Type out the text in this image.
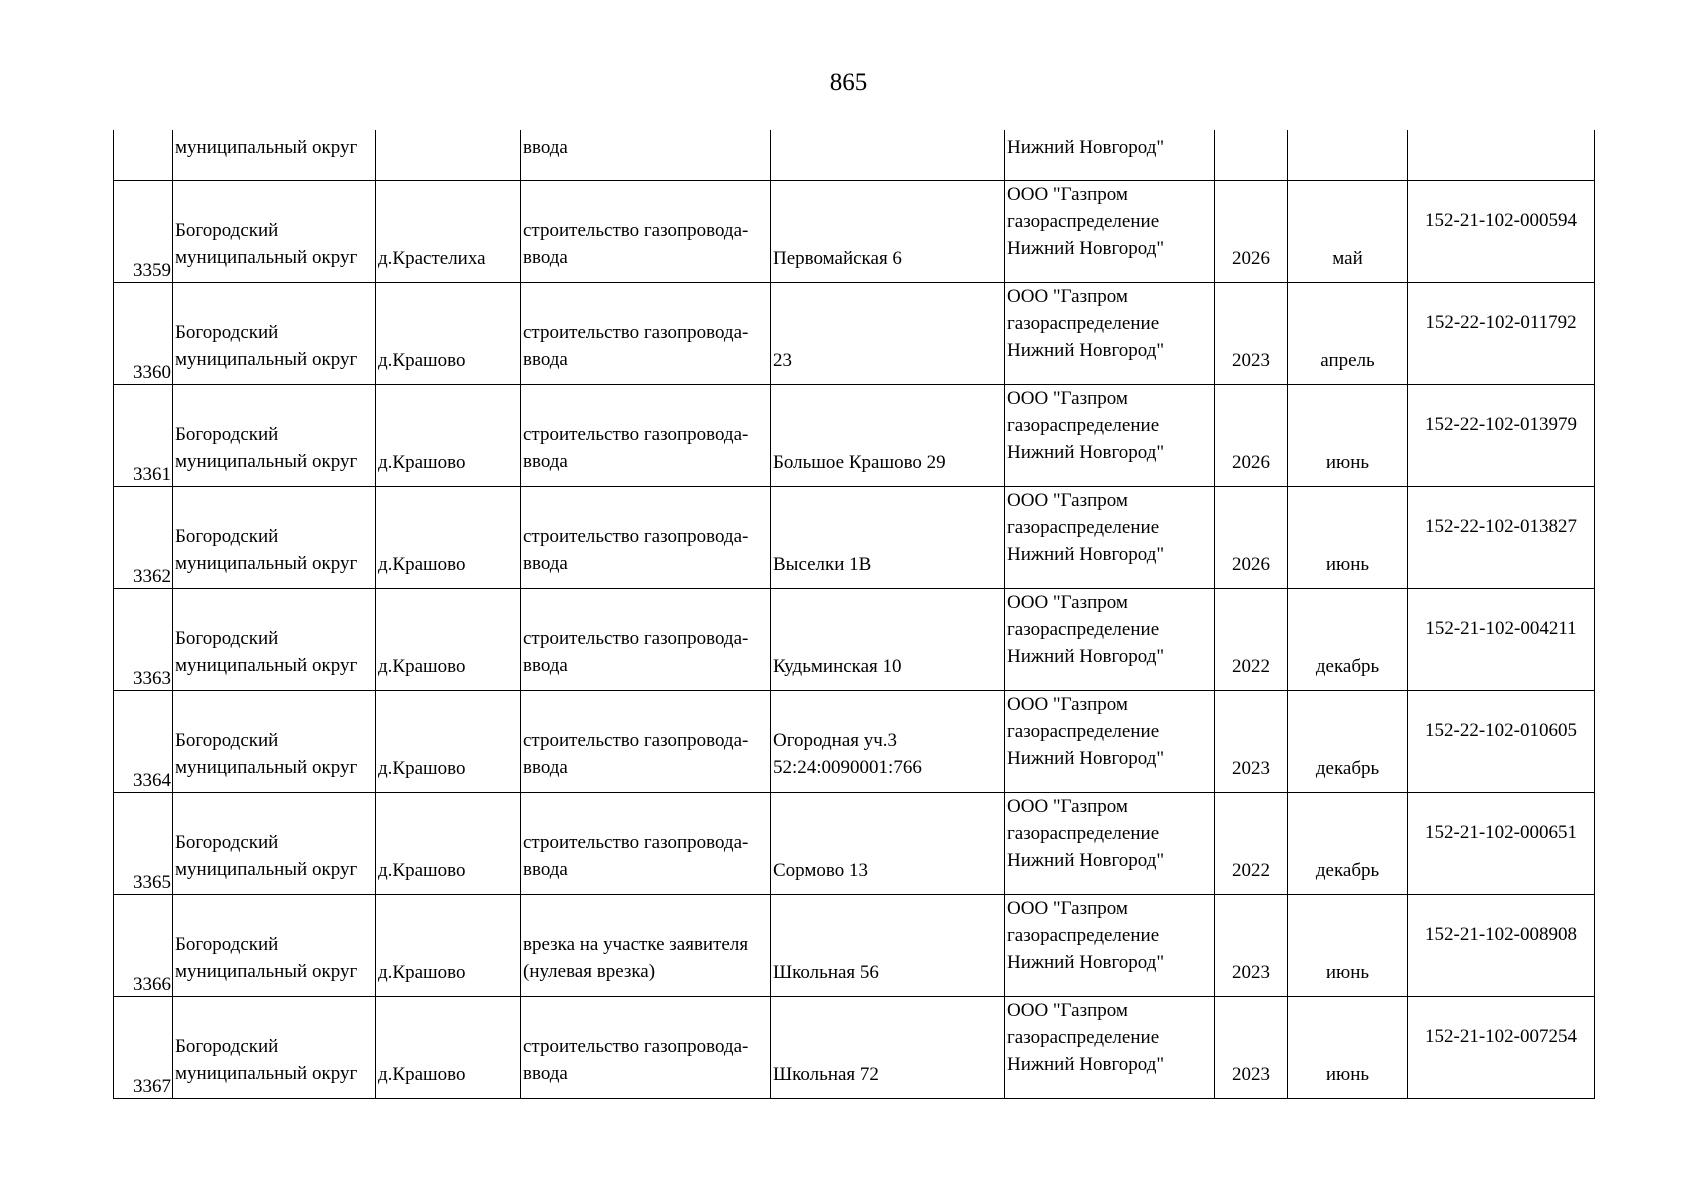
865
	муниципальный округ		ввода		Нижний Новгород"			
3359	Богородский
муниципальный округ	д.Крастелиха	строительство газопровода-
ввода	Первомайская 6	ООО "Газпром
газораспределение
Нижний Новгород"	2026	май	152-21-102-000594
3360	Богородский
муниципальный округ	д.Крашово	строительство газопровода-
ввода	23	ООО "Газпром
газораспределение
Нижний Новгород"	2023	апрель	152-22-102-011792
3361	Богородский
муниципальный округ	д.Крашово	строительство газопровода-
ввода	Большое Крашово 29	ООО "Газпром
газораспределение
Нижний Новгород"	2026	июнь	152-22-102-013979
3362	Богородский
муниципальный округ	д.Крашово	строительство газопровода-
ввода	Выселки 1В	ООО "Газпром
газораспределение
Нижний Новгород"	2026	июнь	152-22-102-013827
3363	Богородский
муниципальный округ	д.Крашово	строительство газопровода-
ввода	Кудьминская 10	ООО "Газпром
газораспределение
Нижний Новгород"	2022	декабрь	152-21-102-004211
3364	Богородский
муниципальный округ	д.Крашово	строительство газопровода-
ввода	Огородная уч.3
52:24:0090001:766	ООО "Газпром
газораспределение
Нижний Новгород"	2023	декабрь	152-22-102-010605
3365	Богородский
муниципальный округ	д.Крашово	строительство газопровода-
ввода	Сормово 13	ООО "Газпром
газораспределение
Нижний Новгород"	2022	декабрь	152-21-102-000651
3366	Богородский
муниципальный округ	д.Крашово	врезка на участке заявителя
(нулевая врезка)	Школьная 56	ООО "Газпром
газораспределение
Нижний Новгород"	2023	июнь	152-21-102-008908
3367	Богородский
муниципальный округ	д.Крашово	строительство газопровода-
ввода	Школьная 72	ООО "Газпром
газораспределение
Нижний Новгород"	2023	июнь	152-21-102-007254
